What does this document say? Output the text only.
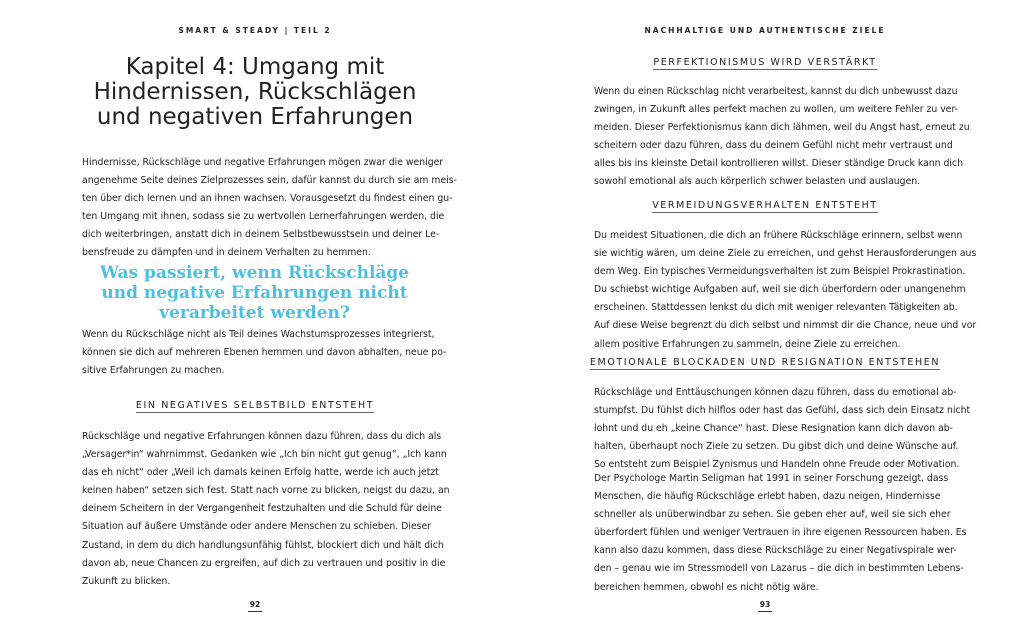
SMART & STEADY | TEIL 2
Kapitel 4: Umgang mit
Hindernissen, Rückschlägen
und negativen Erfahrungen
Hindernisse, Rückschläge und negative Erfahrungen mögen zwar die weniger
angenehme Seite deines Zielprozesses sein, dafür kannst du durch sie am meis-
ten über dich lernen und an ihnen wachsen. Vorausgesetzt du findest einen gu-
ten Umgang mit ihnen, sodass sie zu wertvollen Lernerfahrungen werden, die
dich weiterbringen, anstatt dich in deinem Selbstbewusstsein und deiner Le-
bensfreude zu dämpfen und in deinem Verhalten zu hemmen.
Was passiert, wenn Rückschläge
und negative Erfahrungen nicht
verarbeitet werden?
Wenn du Rückschläge nicht als Teil deines Wachstumsprozesses integrierst,
können sie dich auf mehreren Ebenen hemmen und davon abhalten, neue po-
sitive Erfahrungen zu machen.
EIN NEGATIVES SELBSTBILD ENTSTEHT
Rückschläge und negative Erfahrungen können dazu führen, dass du dich als
„Versager*in“ wahrnimmst. Gedanken wie „Ich bin nicht gut genug“, „Ich kann
das eh nicht“ oder „Weil ich damals keinen Erfolg hatte, werde ich auch jetzt
keinen haben“ setzen sich fest. Statt nach vorne zu blicken, neigst du dazu, an
deinem Scheitern in der Vergangenheit festzuhalten und die Schuld für deine
Situation auf äußere Umstände oder andere Menschen zu schieben. Dieser
Zustand, in dem du dich handlungsunfähig fühlst, blockiert dich und hält dich
davon ab, neue Chancen zu ergreifen, auf dich zu vertrauen und positiv in die
Zukunft zu blicken.
92
NACHHALTIGE UND AUTHENTISCHE ZIELE
PERFEKTIONISMUS WIRD VERSTÄRKT
Wenn du einen Rückschlag nicht verarbeitest, kannst du dich unbewusst dazu
zwingen, in Zukunft alles perfekt machen zu wollen, um weitere Fehler zu ver-
meiden. Dieser Perfektionismus kann dich lähmen, weil du Angst hast, erneut zu
scheitern oder dazu führen, dass du deinem Gefühl nicht mehr vertraust und
alles bis ins kleinste Detail kontrollieren willst. Dieser ständige Druck kann dich
sowohl emotional als auch körperlich schwer belasten und auslaugen.
VERMEIDUNGSVERHALTEN ENTSTEHT
Du meidest Situationen, die dich an frühere Rückschläge erinnern, selbst wenn
sie wichtig wären, um deine Ziele zu erreichen, und gehst Herausforderungen aus
dem Weg. Ein typisches Vermeidungsverhalten ist zum Beispiel Prokrastination.
Du schiebst wichtige Aufgaben auf, weil sie dich überfordern oder unangenehm
erscheinen. Stattdessen lenkst du dich mit weniger relevanten Tätigkeiten ab.
Auf diese Weise begrenzt du dich selbst und nimmst dir die Chance, neue und vor
allem positive Erfahrungen zu sammeln, deine Ziele zu erreichen.
EMOTIONALE BLOCKADEN UND RESIGNATION ENTSTEHEN
Rückschläge und Enttäuschungen können dazu führen, dass du emotional ab-
stumpfst. Du fühlst dich hilflos oder hast das Gefühl, dass sich dein Einsatz nicht
lohnt und du eh „keine Chance“ hast. Diese Resignation kann dich davon ab-
halten, überhaupt noch Ziele zu setzen. Du gibst dich und deine Wünsche auf.
So entsteht zum Beispiel Zynismus und Handeln ohne Freude oder Motivation.
Der Psychologe Martin Seligman hat 1991 in seiner Forschung gezeigt, dass
Menschen, die häufig Rückschläge erlebt haben, dazu neigen, Hindernisse
schneller als unüberwindbar zu sehen. Sie geben eher auf, weil sie sich eher
überfordert fühlen und weniger Vertrauen in ihre eigenen Ressourcen haben. Es
kann also dazu kommen, dass diese Rückschläge zu einer Negativspirale wer-
den – genau wie im Stressmodell von Lazarus – die dich in bestimmten Lebens-
bereichen hemmen, obwohl es nicht nötig wäre.
93
